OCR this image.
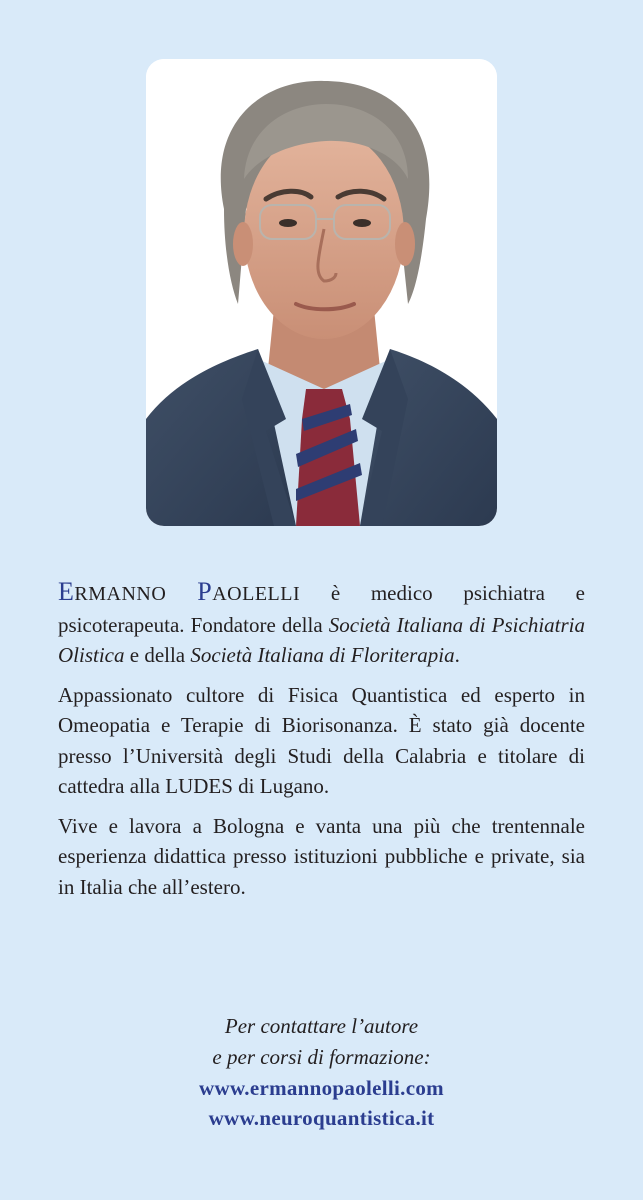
ERMANNO PAOLELLI è medico psichiatra e psicoterapeuta. Fondatore della Società Italiana di Psichiatria Olistica e della Società Italiana di Floriterapia.

Appassionato cultore di Fisica Quantistica ed esperto in Omeopatia e Terapie di Biorisonanza. È stato già docente presso l’Università degli Studi della Calabria e titolare di cattedra alla LUDES di Lugano.

Vive e lavora a Bologna e vanta una più che trentennale esperienza didattica presso istituzioni pubbliche e private, sia in Italia che all’estero.

Per contattare l’autore
e per corsi di formazione:
www.ermannopaolelli.com
www.neuroquantistica.it
